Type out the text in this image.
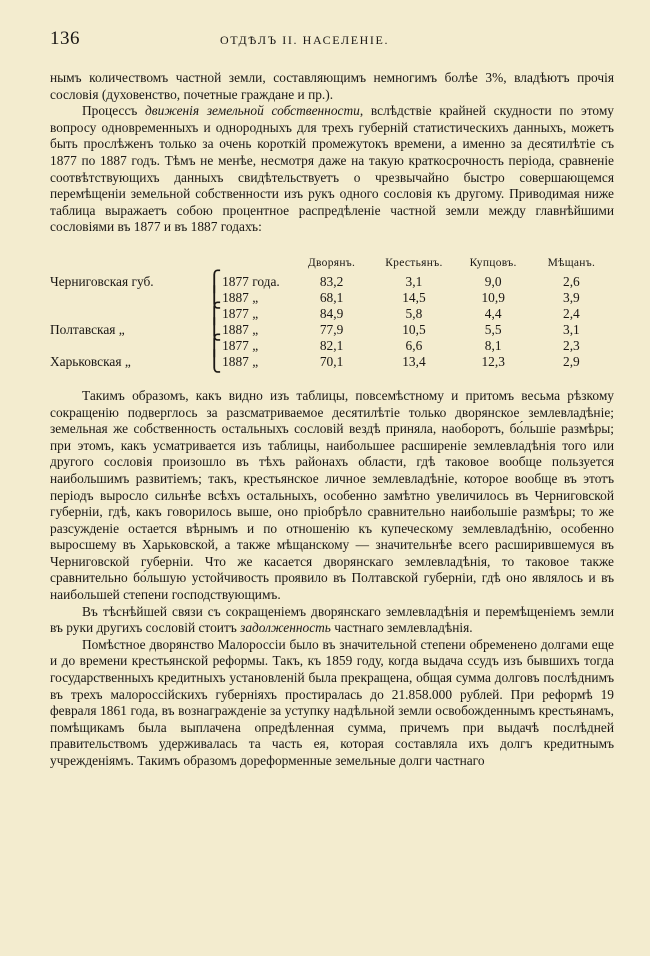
136	ОТДѢЛЪ II. НАСЕЛЕНІЕ.

нымъ количествомъ частной земли, составляющимъ немногимъ болѣе 3%, владѣютъ прочія сословія (духовенство, почетные граждане и пр.).

Процессъ движенія земельной собственности, вслѣдствіе крайней скудности по этому вопросу одновременныхъ и однородныхъ для трехъ губерній статистическихъ данныхъ, можетъ быть прослѣженъ только за очень короткій промежутокъ времени, а именно за десятилѣтіе съ 1877 по 1887 годъ. Тѣмъ не менѣе, несмотря даже на такую краткосрочность періода, сравненіе соотвѣтствующихъ данныхъ свидѣтельствуетъ о чрезвычайно быстро совершающемся перемѣщеніи земельной собственности изъ рукъ одного сословія къ другому. Приводимая ниже таблица выражаетъ собою процентное распредѣленіе частной земли между главнѣйшими сословіями въ 1877 и въ 1887 годахъ:

			Дворянъ.	Крестьянъ.	Купцовъ.	Мѣщанъ.
Черниговская губ.	⎧	1877 года.	83,2	3,1	9,0	2,6
	⎩	1887 „	68,1	14,5	10,9	3,9
	⎧	1877 „	84,9	5,8	4,4	2,4
Полтавская „	⎩	1887 „	77,9	10,5	5,5	3,1
	⎧	1877 „	82,1	6,6	8,1	2,3
Харьковская „	⎩	1887 „	70,1	13,4	12,3	2,9

Такимъ образомъ, какъ видно изъ таблицы, повсемѣстному и притомъ весьма рѣзкому сокращенію подверглось за разсматриваемое десятилѣтіе только дворянское землевладѣніе; земельная же собственность остальныхъ сословій вездѣ приняла, наоборотъ, бо́льшіе размѣры; при этомъ, какъ усматривается изъ таблицы, наибольшее расширеніе землевладѣнія того или другого сословія произошло въ тѣхъ районахъ области, гдѣ таковое вообще пользуется наибольшимъ развитіемъ; такъ, крестьянское личное землевладѣніе, которое вообще въ этотъ періодъ выросло сильнѣе всѣхъ остальныхъ, особенно замѣтно увеличилось въ Черниговской губерніи, гдѣ, какъ говорилось выше, оно пріобрѣло сравнительно наибольшіе размѣры; то же разсужденіе остается вѣрнымъ и по отношенію къ купеческому землевладѣнію, особенно выросшему въ Харьковской, а также мѣщанскому — значительнѣе всего расширившемуся въ Черниговской губерніи. Что же касается дворянскаго землевладѣнія, то таковое также сравнительно бо́льшую устойчивость проявило въ Полтавской губерніи, гдѣ оно являлось и въ наибольшей степени господствующимъ.

Въ тѣснѣйшей связи съ сокращеніемъ дворянскаго землевладѣнія и перемѣщеніемъ земли въ руки другихъ сословій стоитъ задолженность частнаго землевладѣнія.

Помѣстное дворянство Малороссіи было въ значительной степени обременено долгами еще и до времени крестьянской реформы. Такъ, къ 1859 году, когда выдача ссудъ изъ бывшихъ тогда государственныхъ кредитныхъ установленій была прекращена, общая сумма долговъ послѣднимъ въ трехъ малороссійскихъ губерніяхъ простиралась до 21.858.000 рублей. При реформѣ 19 февраля 1861 года, въ вознагражденіе за уступку надѣльной земли освобожденнымъ крестьянамъ, помѣщикамъ была выплачена опредѣленная сумма, причемъ при выдачѣ послѣдней правительствомъ удерживалась та часть ея, которая составляла ихъ долгъ кредитнымъ учрежденіямъ. Такимъ образомъ дореформенные земельные долги частнаго
